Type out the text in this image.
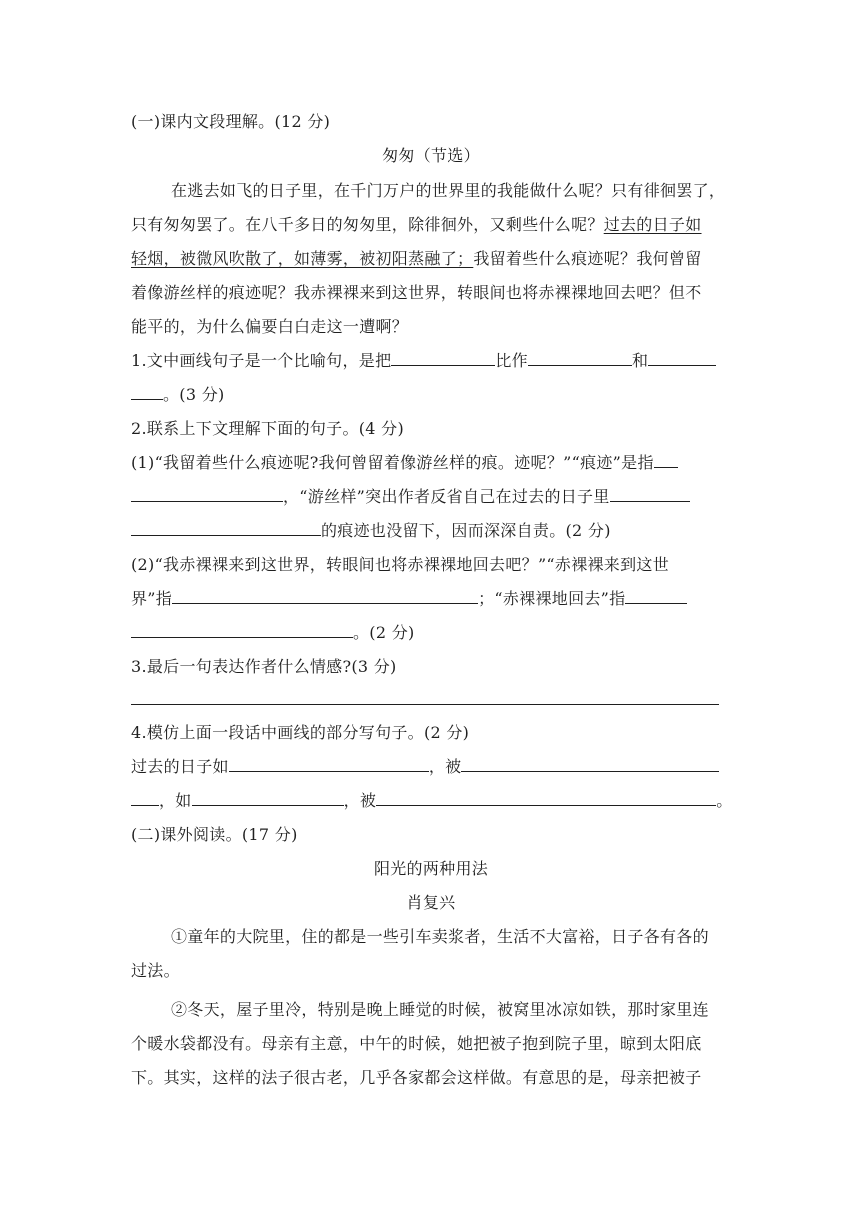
(一)课内文段理解。(12 分)
匆匆（节选）
在逃去如飞的日子里，在千门万户的世界里的我能做什么呢？只有徘徊罢了，
只有匆匆罢了。在八千多日的匆匆里，除徘徊外，又剩些什么呢？过去的日子如
轻烟，被微风吹散了，如薄雾，被初阳蒸融了；我留着些什么痕迹呢？我何曾留
着像游丝样的痕迹呢？我赤裸裸来到这世界，转眼间也将赤裸裸地回去吧？但不
能平的，为什么偏要白白走这一遭啊？
1.文中画线句子是一个比喻句，是把	比作	和
。(3 分)
2.联系上下文理解下面的句子。(4 分)
(1)“我留着些什么痕迹呢?我何曾留着像游丝样的痕。迹呢？”“痕迹”是指
，“游丝样”突出作者反省自己在过去的日子里
的痕迹也没留下，因而深深自责。(2 分)
(2)“我赤裸裸来到这世界，转眼间也将赤裸裸地回去吧？”“赤裸裸来到这世
界”指	；“赤裸裸地回去”指
。(2 分)
3.最后一句表达作者什么情感?(3 分)
4.模仿上面一段话中画线的部分写句子。(2 分)
过去的日子如	，被
，如	，被	。
(二)课外阅读。(17 分)
阳光的两种用法
肖复兴
①童年的大院里，住的都是一些引车卖浆者，生活不大富裕，日子各有各的
过法。
②冬天，屋子里冷，特别是晚上睡觉的时候，被窝里冰凉如铁，那时家里连
个暖水袋都没有。母亲有主意，中午的时候，她把被子抱到院子里，晾到太阳底
下。其实，这样的法子很古老，几乎各家都会这样做。有意思的是，母亲把被子
